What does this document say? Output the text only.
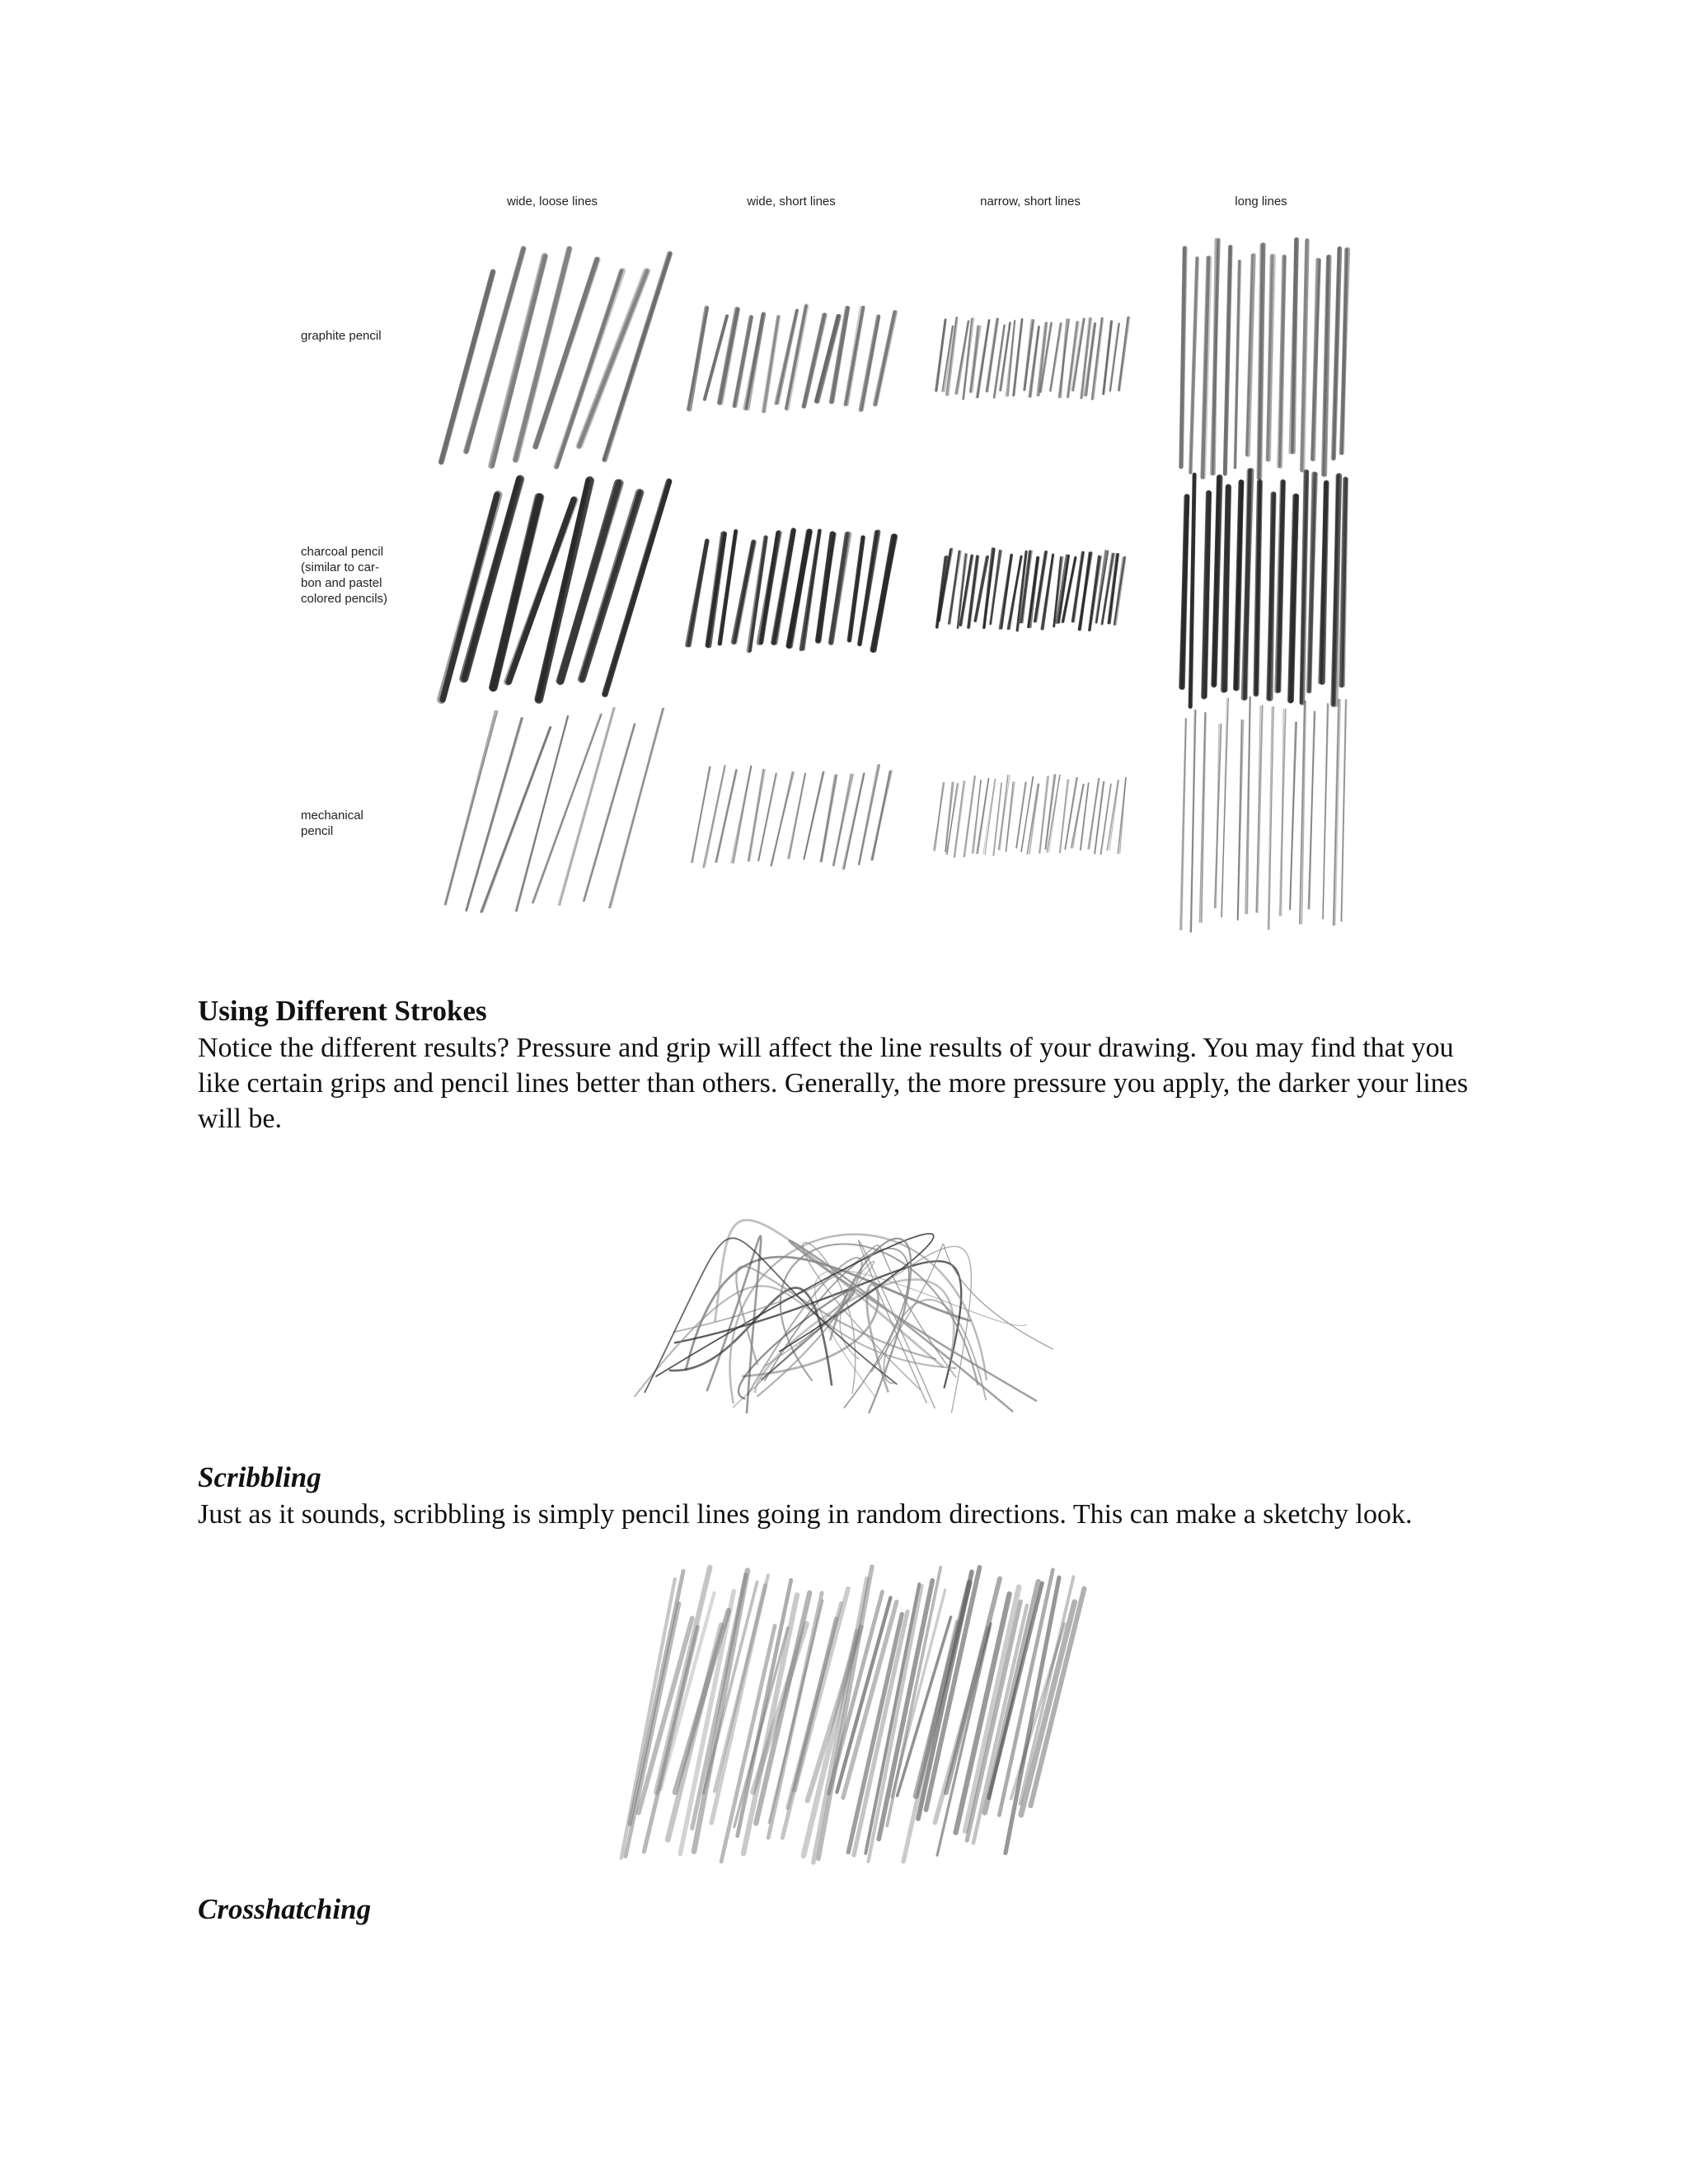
wide, loose lines	wide, short lines	narrow, short lines	long lines
graphite pencil
charcoal pencil
(similar to car-
bon and pastel
colored pencils)
mechanical
pencil
Using Different Strokes
Notice the different results? Pressure and grip will affect the line results of your drawing. You may find that you like certain grips and pencil lines better than others. Generally, the more pressure you apply, the darker your lines will be.
Scribbling
Just as it sounds, scribbling is simply pencil lines going in random directions. This can make a sketchy look.
Crosshatching
